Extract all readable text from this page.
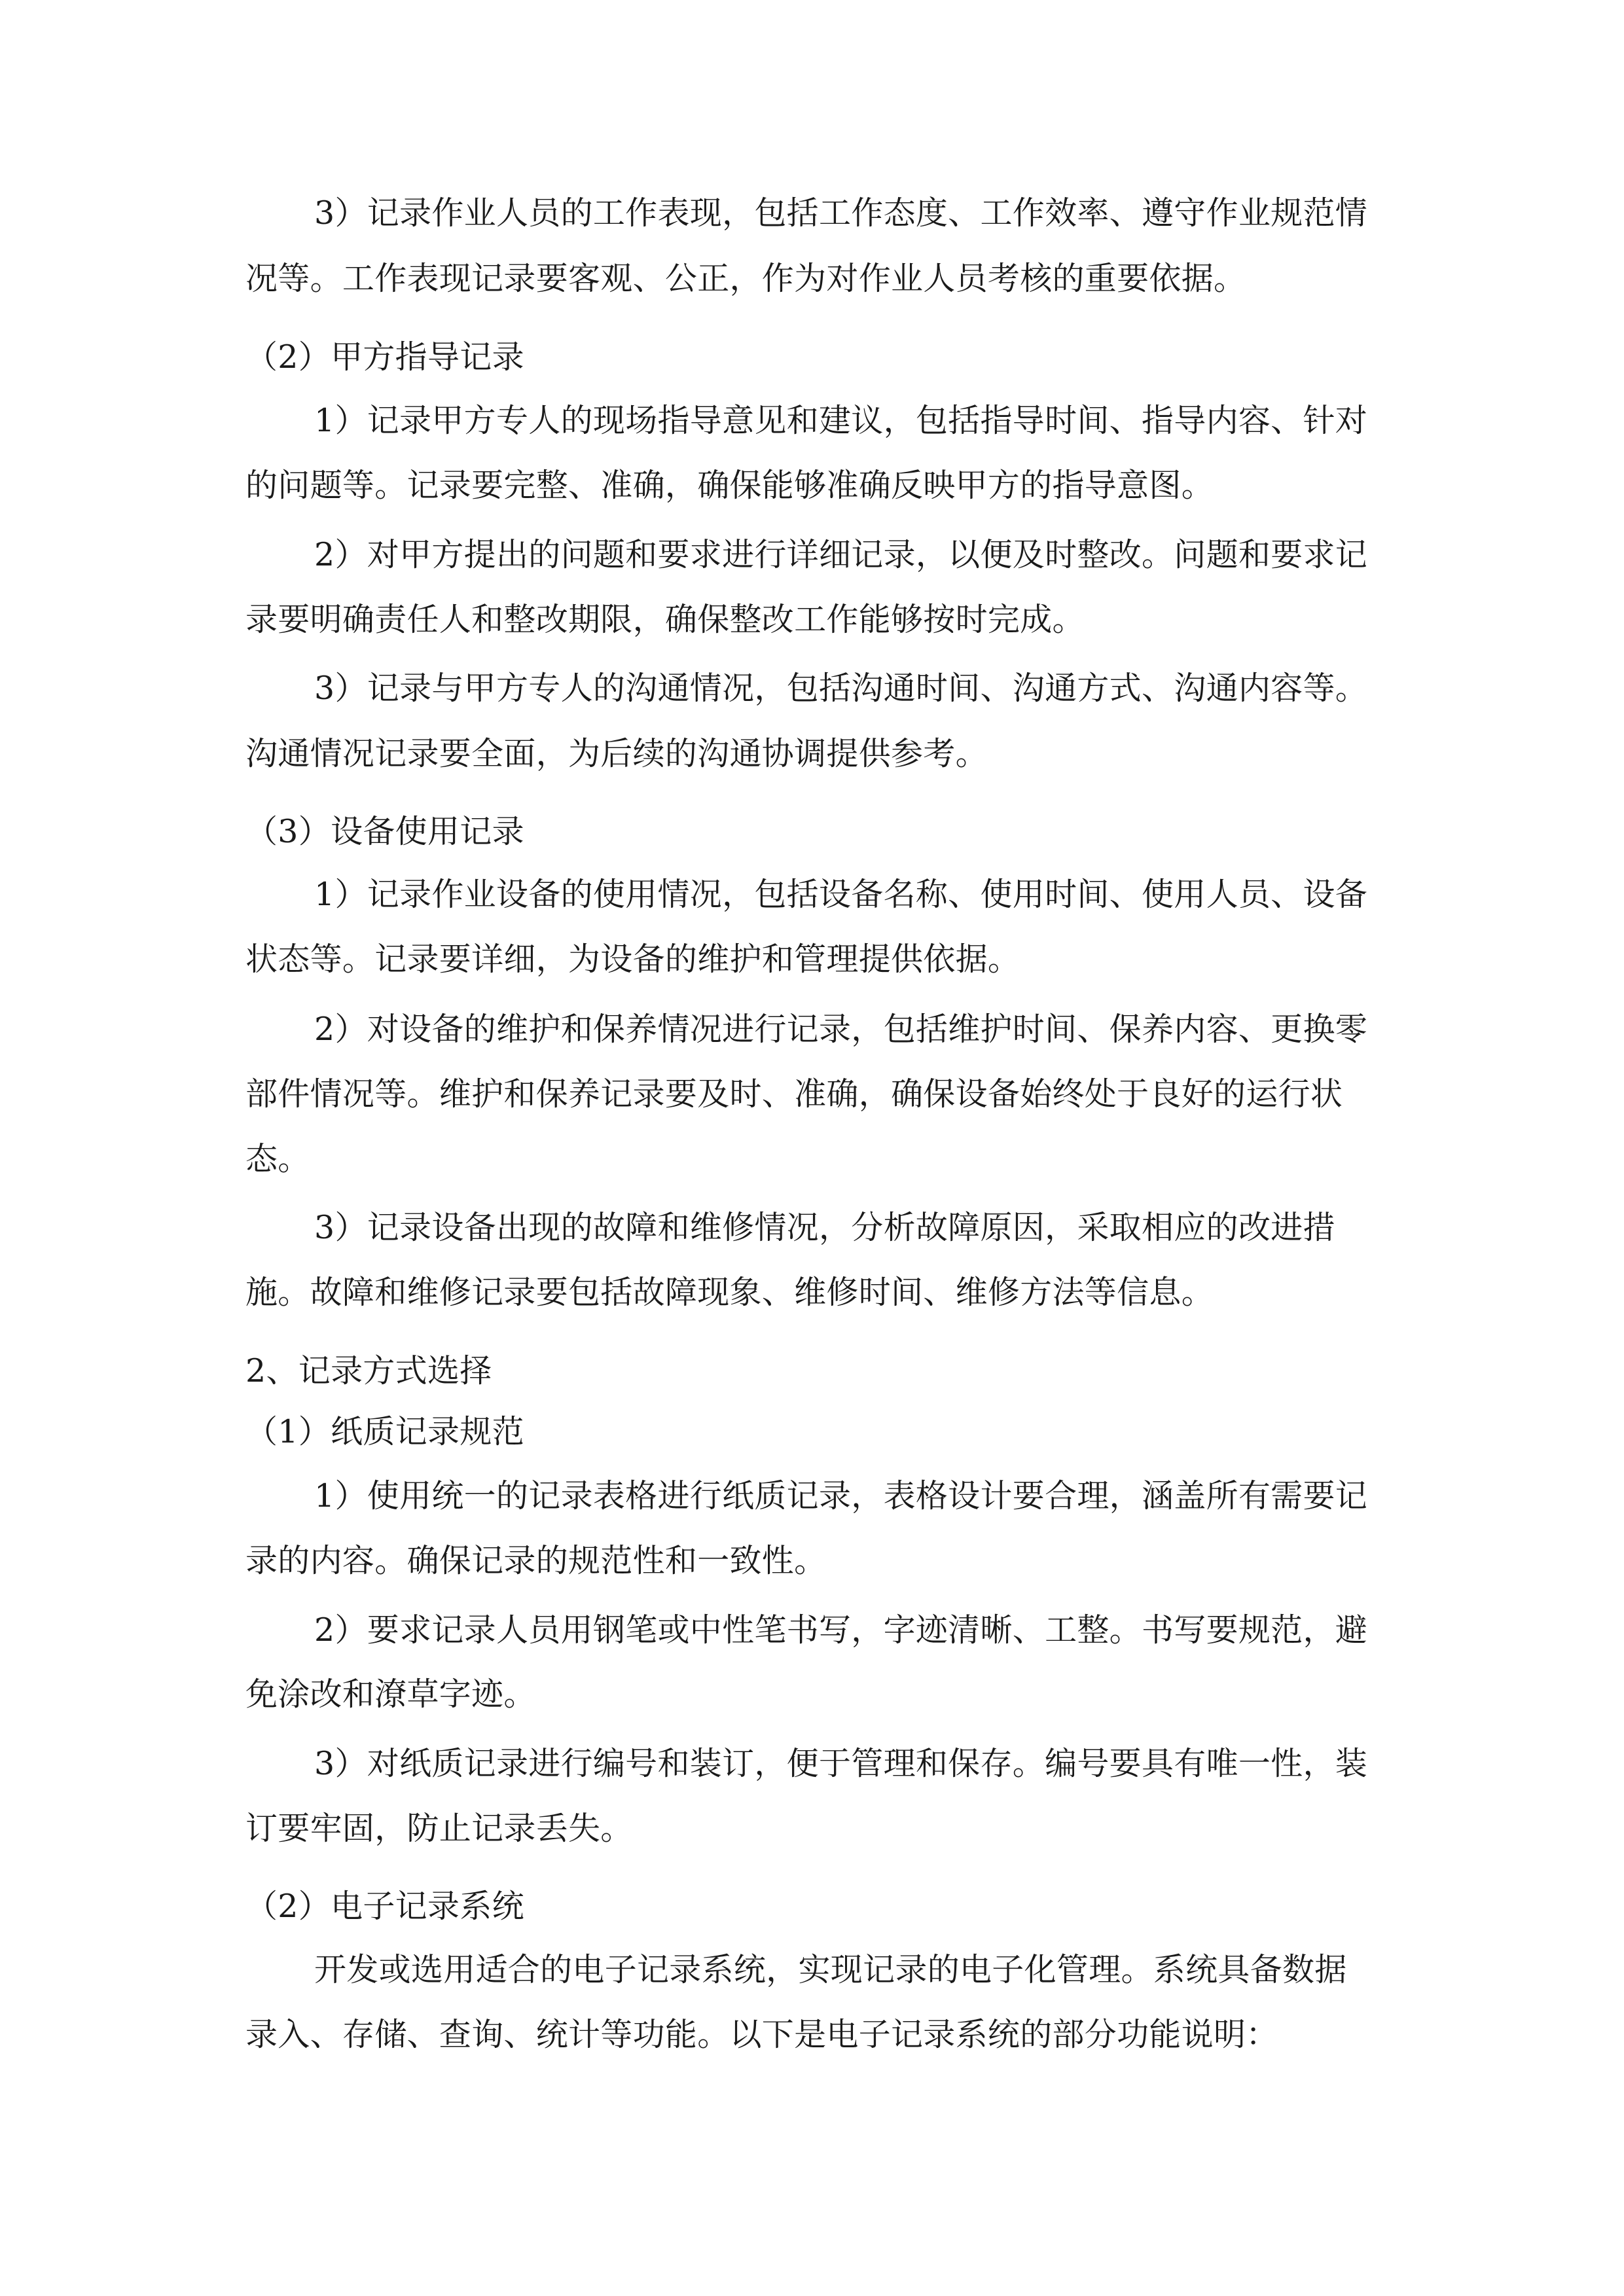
3）记录作业人员的工作表现，包括工作态度、工作效率、遵守作业规范情

况等。工作表现记录要客观、公正，作为对作业人员考核的重要依据。

（2）甲方指导记录

1）记录甲方专人的现场指导意见和建议，包括指导时间、指导内容、针对

的问题等。记录要完整、准确，确保能够准确反映甲方的指导意图。

2）对甲方提出的问题和要求进行详细记录，以便及时整改。问题和要求记

录要明确责任人和整改期限，确保整改工作能够按时完成。

3）记录与甲方专人的沟通情况，包括沟通时间、沟通方式、沟通内容等。

沟通情况记录要全面，为后续的沟通协调提供参考。

（3）设备使用记录

1）记录作业设备的使用情况，包括设备名称、使用时间、使用人员、设备

状态等。记录要详细，为设备的维护和管理提供依据。

2）对设备的维护和保养情况进行记录，包括维护时间、保养内容、更换零

部件情况等。维护和保养记录要及时、准确，确保设备始终处于良好的运行状

态。

3）记录设备出现的故障和维修情况，分析故障原因，采取相应的改进措

施。故障和维修记录要包括故障现象、维修时间、维修方法等信息。

2、记录方式选择

（1）纸质记录规范

1）使用统一的记录表格进行纸质记录，表格设计要合理，涵盖所有需要记

录的内容。确保记录的规范性和一致性。

2）要求记录人员用钢笔或中性笔书写，字迹清晰、工整。书写要规范，避

免涂改和潦草字迹。

3）对纸质记录进行编号和装订，便于管理和保存。编号要具有唯一性，装

订要牢固，防止记录丢失。

（2）电子记录系统

开发或选用适合的电子记录系统，实现记录的电子化管理。系统具备数据

录入、存储、查询、统计等功能。以下是电子记录系统的部分功能说明：
